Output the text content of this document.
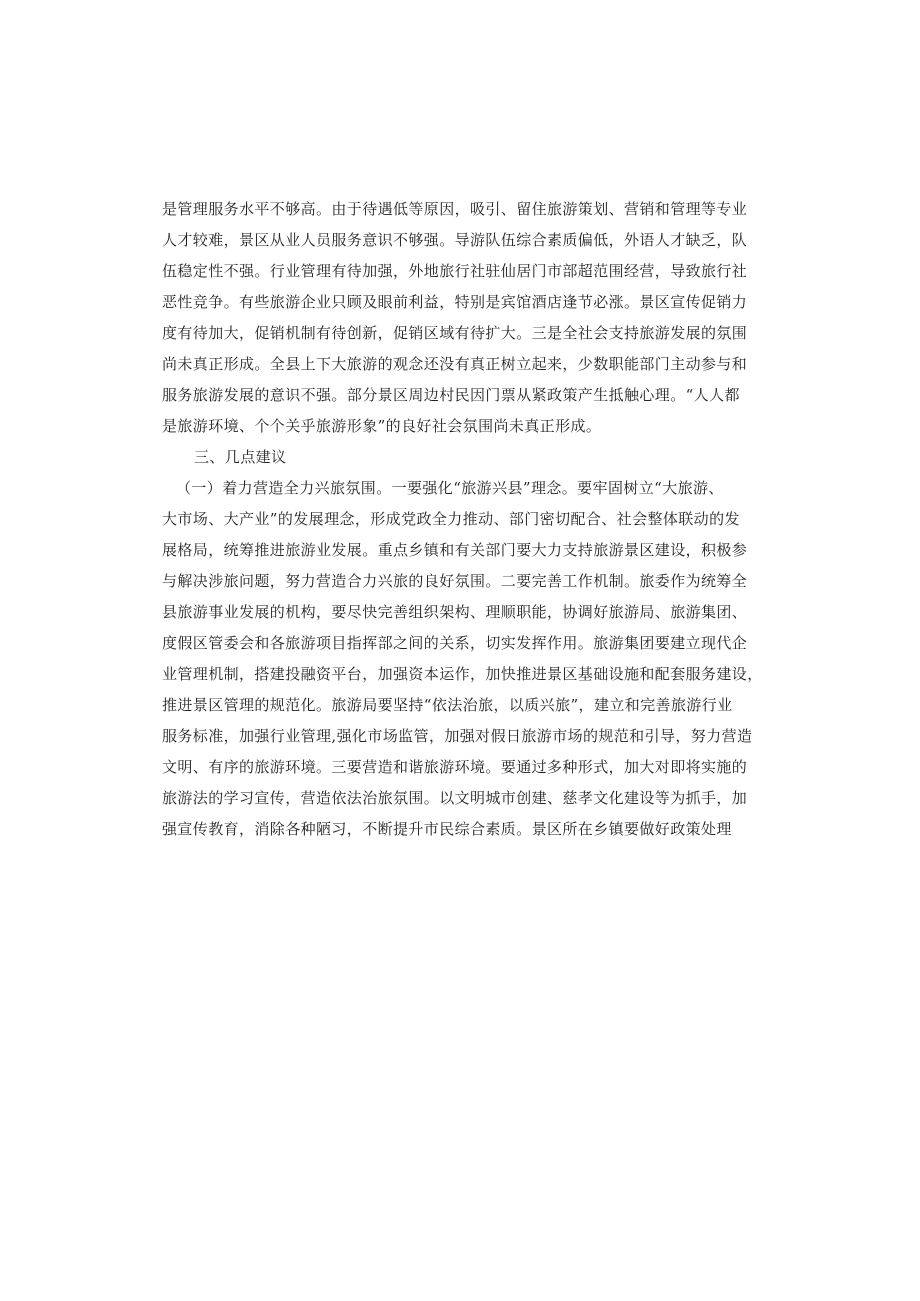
是管理服务水平不够高。由于待遇低等原因，吸引、留住旅游策划、营销和管理等专业
人才较难，景区从业人员服务意识不够强。导游队伍综合素质偏低，外语人才缺乏，队
伍稳定性不强。行业管理有待加强，外地旅行社驻仙居门市部超范围经营，导致旅行社
恶性竞争。有些旅游企业只顾及眼前利益，特别是宾馆酒店逢节必涨。景区宣传促销力
度有待加大，促销机制有待创新，促销区域有待扩大。三是全社会支持旅游发展的氛围
尚未真正形成。全县上下大旅游的观念还没有真正树立起来，少数职能部门主动参与和
服务旅游发展的意识不强。部分景区周边村民因门票从紧政策产生抵触心理。“人人都
是旅游环境、个个关乎旅游形象”的良好社会氛围尚未真正形成。
三、几点建议
（一）着力营造全力兴旅氛围。一要强化“旅游兴县”理念。要牢固树立“大旅游、
大市场、大产业”的发展理念，形成党政全力推动、部门密切配合、社会整体联动的发
展格局，统筹推进旅游业发展。重点乡镇和有关部门要大力支持旅游景区建设，积极参
与解决涉旅问题，努力营造合力兴旅的良好氛围。二要完善工作机制。旅委作为统筹全
县旅游事业发展的机构，要尽快完善组织架构、理顺职能，协调好旅游局、旅游集团、
度假区管委会和各旅游项目指挥部之间的关系，切实发挥作用。旅游集团要建立现代企
业管理机制，搭建投融资平台，加强资本运作，加快推进景区基础设施和配套服务建设，
推进景区管理的规范化。旅游局要坚持“依法治旅，以质兴旅”，建立和完善旅游行业
服务标准，加强行业管理,强化市场监管，加强对假日旅游市场的规范和引导，努力营造
文明、有序的旅游环境。三要营造和谐旅游环境。要通过多种形式，加大对即将实施的
旅游法的学习宣传，营造依法治旅氛围。以文明城市创建、慈孝文化建设等为抓手，加
强宣传教育，消除各种陋习，不断提升市民综合素质。景区所在乡镇要做好政策处理
